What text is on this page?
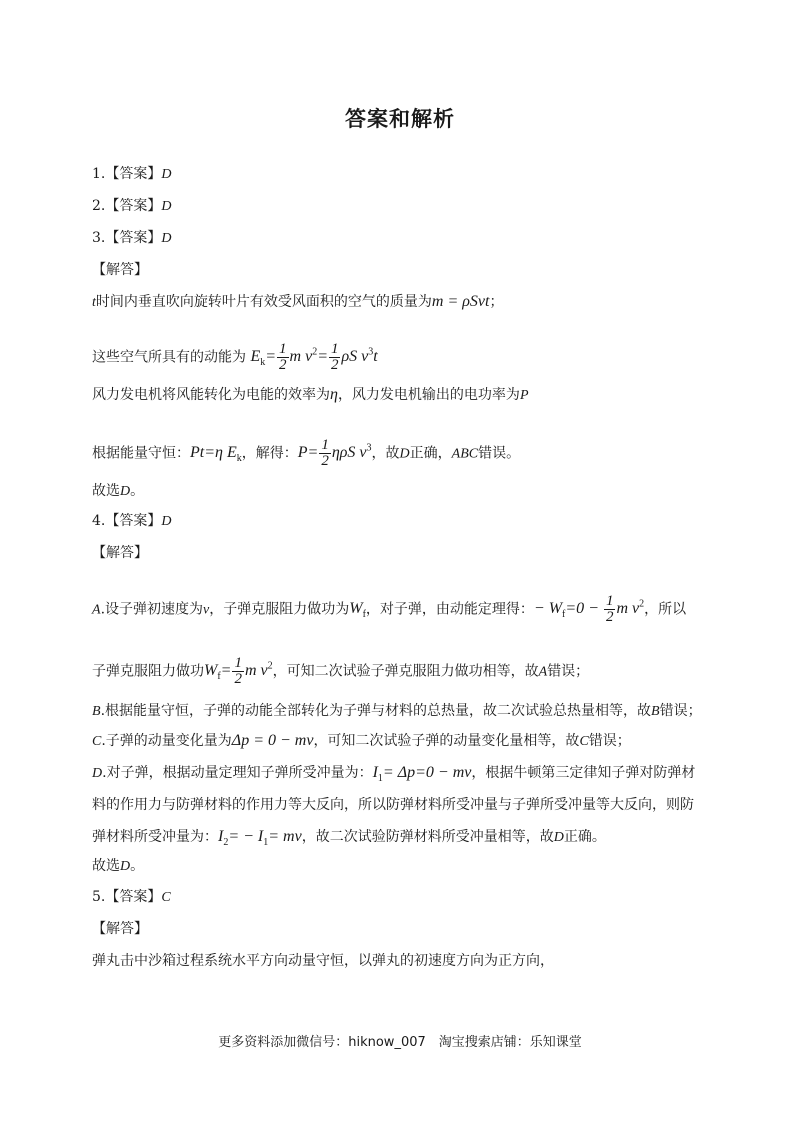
答案和解析
1.【答案】D
2.【答案】D
3.【答案】D
【解答】
t时间内垂直吹向旋转叶片有效受风面积的空气的质量为m = ρSvt；
这些空气所具有的动能为 $E_k= \frac{1}{2}$ m $v^2= \frac{1}{2}$ ρS $v^3t$
风力发电机将风能转化为电能的效率为η，风力发电机输出的电功率为P
根据能量守恒：Pt=η $E_k$，解得：$P= \frac{1}{2}$ ηρS $v^3$，故D正确，ABC错误。
故选D。
4.【答案】D
【解答】
A.设子弹初速度为v，子弹克服阻力做功为$W_f$，对子弹，由动能定理得：− $W_f=0 - \frac{1}{2}$ m $v^2$，所以
子弹克服阻力做功$W_f= \frac{1}{2}$ m $v^2$，可知二次试验子弹克服阻力做功相等，故A错误；
B.根据能量守恒，子弹的动能全部转化为子弹与材料的总热量，故二次试验总热量相等，故B错误；
C.子弹的动量变化量为Δp = 0 − mv，可知二次试验子弹的动量变化量相等，故C错误；
D.对子弹，根据动量定理知子弹所受冲量为：$I_1= \Delta p=0$ − mv，根据牛顿第三定律知子弹对防弹材
料的作用力与防弹材料的作用力等大反向，所以防弹材料所受冲量与子弹所受冲量等大反向，则防
弹材料所受冲量为：$I_2= - I_1=$ mv，故二次试验防弹材料所受冲量相等，故D正确。
故选D。
5.【答案】C
【解答】
弹丸击中沙箱过程系统水平方向动量守恒，以弹丸的初速度方向为正方向，
更多资料添加微信号：hiknow_007　淘宝搜索店铺：乐知课堂
